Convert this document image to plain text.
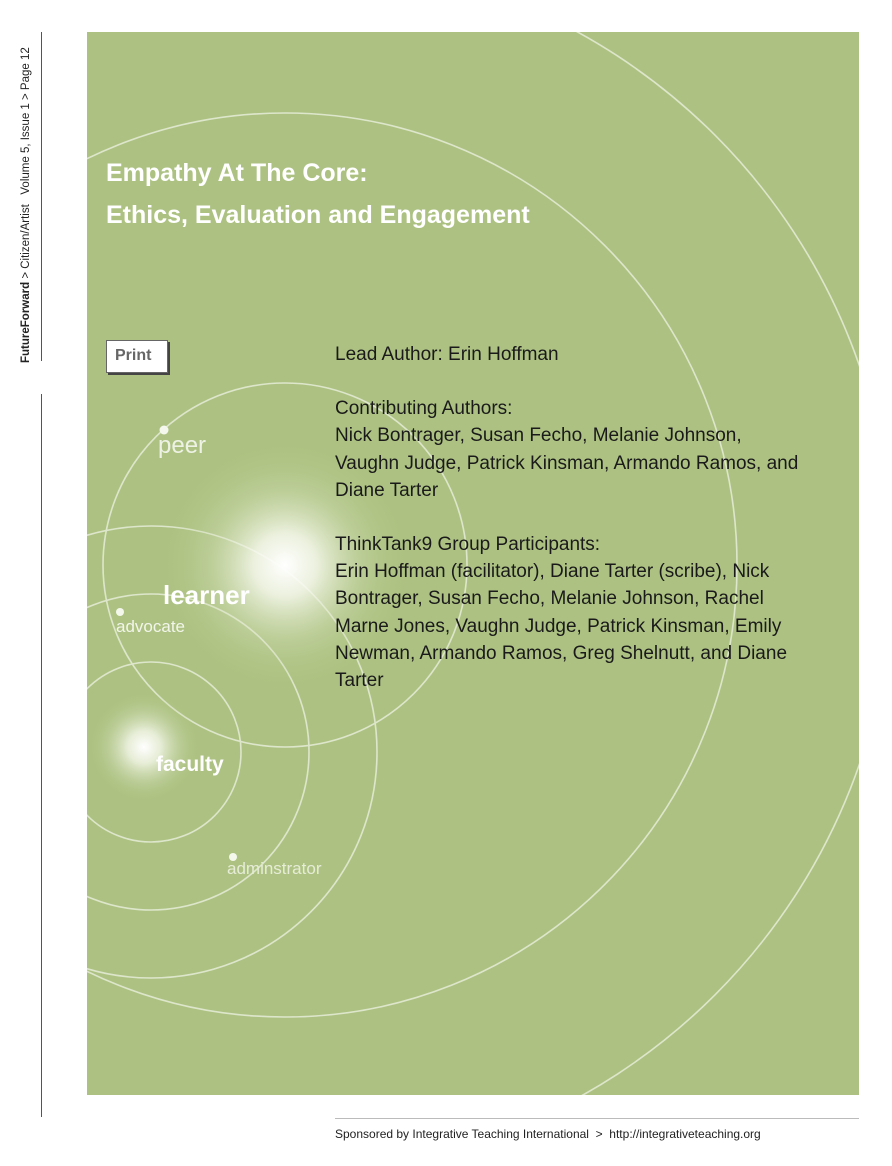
FutureForward > Citizen/Artist   Volume 5, Issue 1 > Page 12
Empathy At The Core:
Ethics, Evaluation and Engagement
Print	Lead Author: Erin Hoffman

Contributing Authors:
Nick Bontrager, Susan Fecho, Melanie Johnson, Vaughn Judge, Patrick Kinsman, Armando Ramos, and Diane Tarter

ThinkTank9 Group Participants:
Erin Hoffman (facilitator), Diane Tarter (scribe), Nick Bontrager, Susan Fecho, Melanie Johnson, Rachel Marne Jones, Vaughn Judge, Patrick Kinsman, Emily Newman, Armando Ramos, Greg Shelnutt, and Diane Tarter

peer
learner
advocate
faculty
adminstrator
Sponsored by Integrative Teaching International  >  http://integrativeteaching.org
